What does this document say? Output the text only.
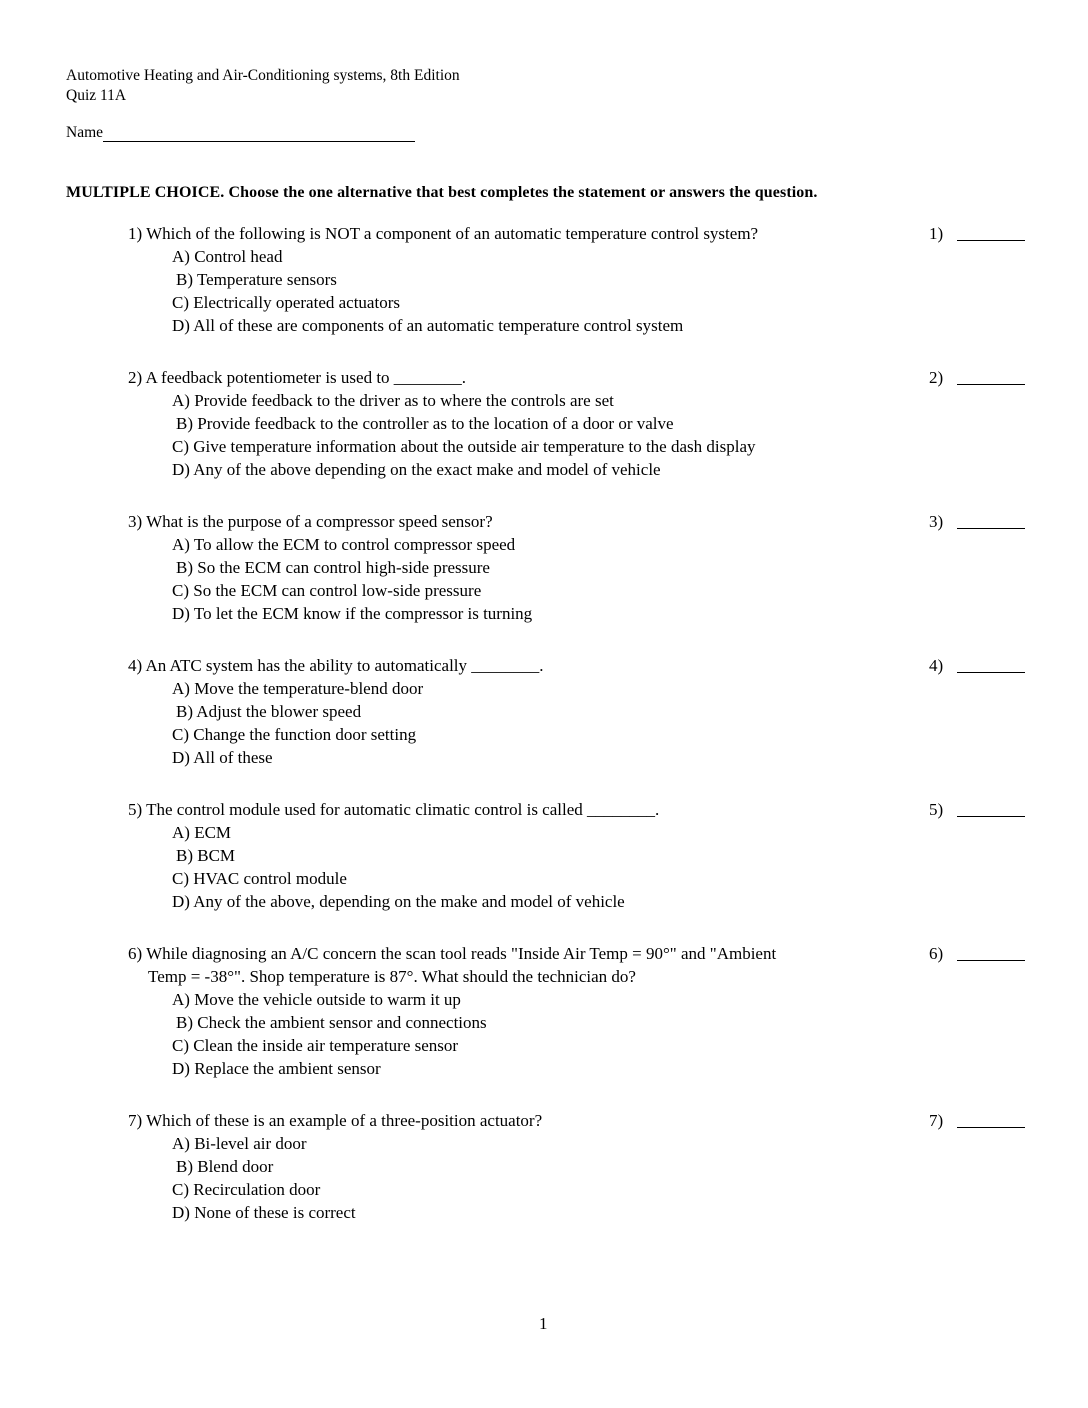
Automotive Heating and Air-Conditioning systems, 8th Edition
Quiz 11A
Name
MULTIPLE CHOICE. Choose the one alternative that best completes the statement or answers the question.
1) Which of the following is NOT a component of an automatic temperature control system?
A) Control head
B) Temperature sensors
C) Electrically operated actuators
D) All of these are components of an automatic temperature control system
1)
2) A feedback potentiometer is used to ________.
A) Provide feedback to the driver as to where the controls are set
B) Provide feedback to the controller as to the location of a door or valve
C) Give temperature information about the outside air temperature to the dash display
D) Any of the above depending on the exact make and model of vehicle
2)
3) What is the purpose of a compressor speed sensor?
A) To allow the ECM to control compressor speed
B) So the ECM can control high-side pressure
C) So the ECM can control low-side pressure
D) To let the ECM know if the compressor is turning
3)
4) An ATC system has the ability to automatically ________.
A) Move the temperature-blend door
B) Adjust the blower speed
C) Change the function door setting
D) All of these
4)
5) The control module used for automatic climatic control is called ________.
A) ECM
B) BCM
C) HVAC control module
D) Any of the above, depending on the make and model of vehicle
5)
6) While diagnosing an A/C concern the scan tool reads "Inside Air Temp = 90°" and "Ambient
Temp = -38°". Shop temperature is 87°. What should the technician do?
A) Move the vehicle outside to warm it up
B) Check the ambient sensor and connections
C) Clean the inside air temperature sensor
D) Replace the ambient sensor
6)
7) Which of these is an example of a three-position actuator?
A) Bi-level air door
B) Blend door
C) Recirculation door
D) None of these is correct
7)
1
